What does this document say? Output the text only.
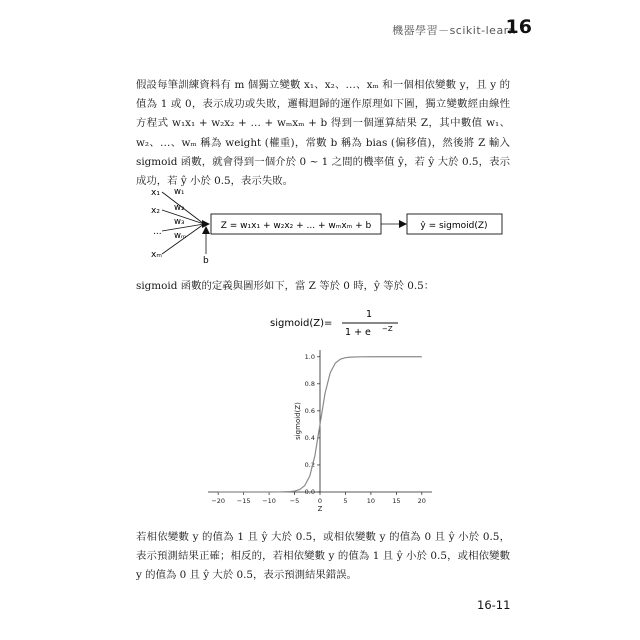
機器學習－scikit-learn
16

假設每筆訓練資料有 m 個獨立變數 x₁、x₂、…、xₘ 和一個相依變數 y，且 y 的值為 1 或 0，表示成功或失敗，邏輯迴歸的運作原理如下圖，獨立變數經由線性方程式 w₁x₁ + w₂x₂ + … + wₘxₘ + b 得到一個運算結果 Z，其中數值 w₁、w₂、…、wₘ 稱為 weight (權重)，常數 b 稱為 bias (偏移值)，然後將 Z 輸入 sigmoid 函數，就會得到一個介於 0 ~ 1 之間的機率值 ŷ，若 ŷ 大於 0.5，表示成功，若 ŷ 小於 0.5，表示失敗。

x₁
x₂
...
xₘ
w₁
w₂
w₃
wₘ
b
Z = w₁x₁ + w₂x₂ + ... + wₘxₘ + b	ŷ = sigmoid(Z)

sigmoid 函數的定義與圖形如下，當 Z 等於 0 時，ŷ 等於 0.5：

sigmoid(Z)=
1
1 + e −Z
−20 −15 −10 −5	0	5	10	15	20
0.0
0.2
0.4
0.6
0.8
1.0
Z
sigmoid(Z)

若相依變數 y 的值為 1 且 ŷ 大於 0.5，或相依變數 y 的值為 0 且 ŷ 小於 0.5，表示預測結果正確；相反的，若相依變數 y 的值為 1 且 ŷ 小於 0.5，或相依變數 y 的值為 0 且 ŷ 大於 0.5，表示預測結果錯誤。

16-11
